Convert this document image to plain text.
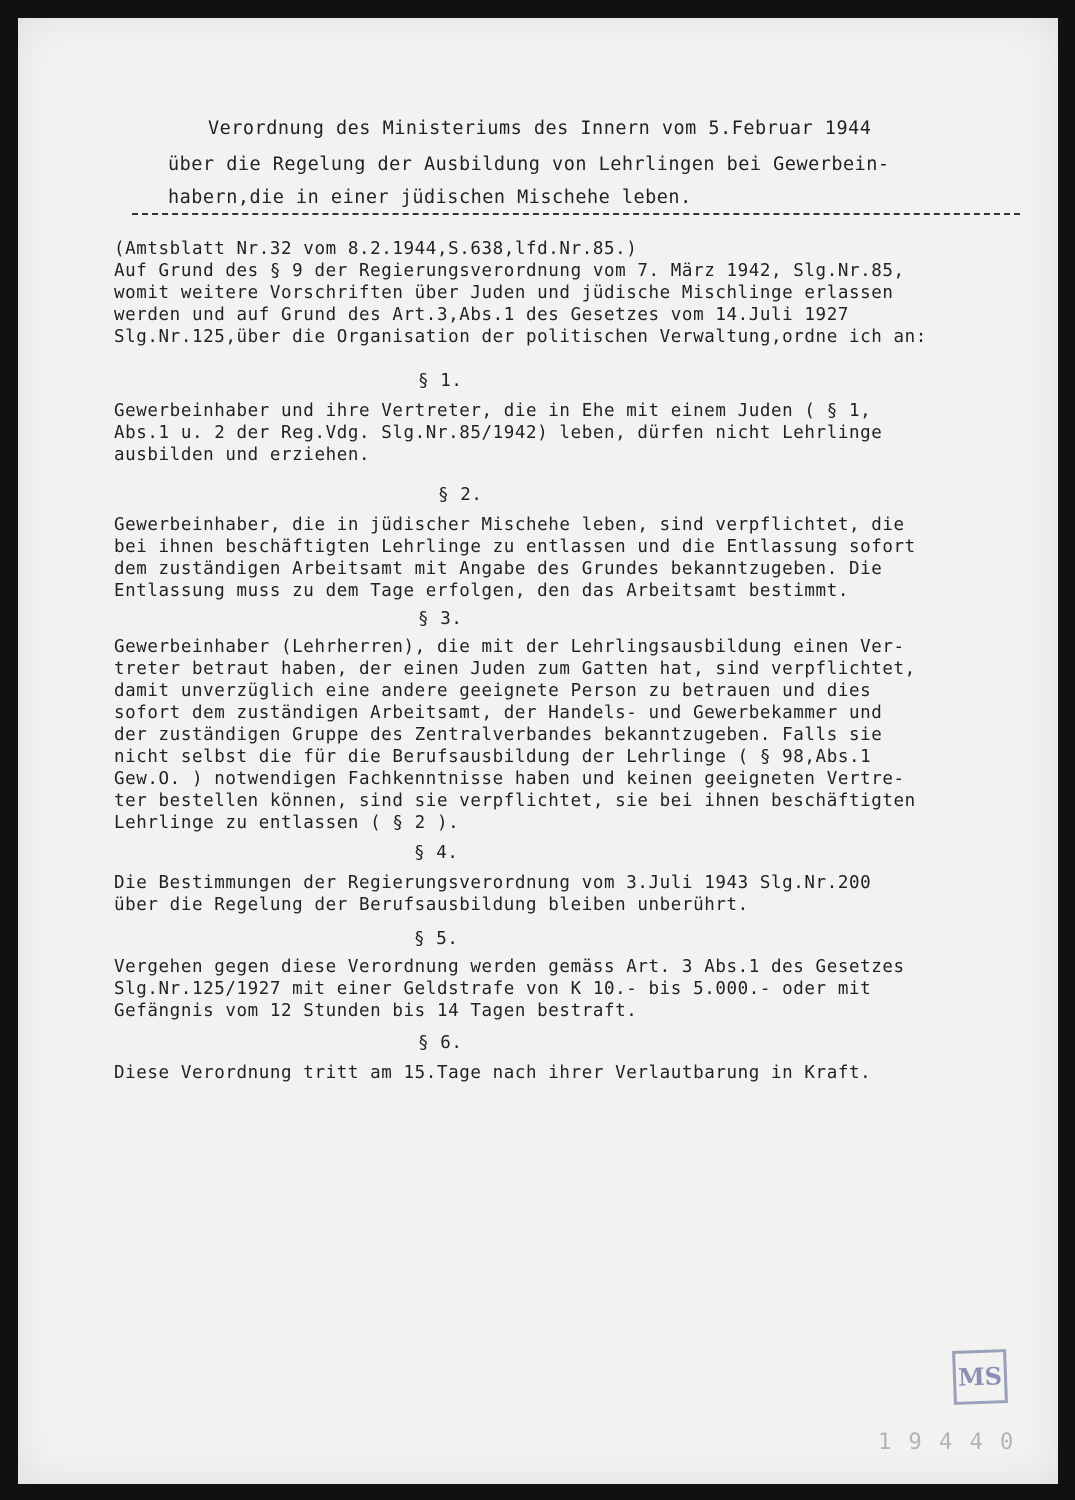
Verordnung des Ministeriums des Innern vom 5.Februar 1944
über die Regelung der Ausbildung von Lehrlingen bei Gewerbein-
habern,die in einer jüdischen Mischehe leben.
(Amtsblatt Nr.32 vom 8.2.1944,S.638,lfd.Nr.85.)
Auf Grund des § 9 der Regierungsverordnung vom 7. März 1942, Slg.Nr.85,
womit weitere Vorschriften über Juden und jüdische Mischlinge erlassen
werden und auf Grund des Art.3,Abs.1 des Gesetzes vom 14.Juli 1927
Slg.Nr.125,über die Organisation der politischen Verwaltung,ordne ich an:
§ 1.
Gewerbeinhaber und ihre Vertreter, die in Ehe mit einem Juden ( § 1,
Abs.1 u. 2 der Reg.Vdg. Slg.Nr.85/1942) leben, dürfen nicht Lehrlinge
ausbilden und erziehen.
§ 2.
Gewerbeinhaber, die in jüdischer Mischehe leben, sind verpflichtet, die
bei ihnen beschäftigten Lehrlinge zu entlassen und die Entlassung sofort
dem zuständigen Arbeitsamt mit Angabe des Grundes bekanntzugeben. Die
Entlassung muss zu dem Tage erfolgen, den das Arbeitsamt bestimmt.
§ 3.
Gewerbeinhaber (Lehrherren), die mit der Lehrlingsausbildung einen Ver-
treter betraut haben, der einen Juden zum Gatten hat, sind verpflichtet,
damit unverzüglich eine andere geeignete Person zu betrauen und dies
sofort dem zuständigen Arbeitsamt, der Handels- und Gewerbekammer und
der zuständigen Gruppe des Zentralverbandes bekanntzugeben. Falls sie
nicht selbst die für die Berufsausbildung der Lehrlinge ( § 98,Abs.1
Gew.O. ) notwendigen Fachkenntnisse haben und keinen geeigneten Vertre-
ter bestellen können, sind sie verpflichtet, sie bei ihnen beschäftigten
Lehrlinge zu entlassen ( § 2 ).
§ 4.
Die Bestimmungen der Regierungsverordnung vom 3.Juli 1943 Slg.Nr.200
über die Regelung der Berufsausbildung bleiben unberührt.
§ 5.
Vergehen gegen diese Verordnung werden gemäss Art. 3 Abs.1 des Gesetzes
Slg.Nr.125/1927 mit einer Geldstrafe von K 10.- bis 5.000.- oder mit
Gefängnis vom 12 Stunden bis 14 Tagen bestraft.
§ 6.
Diese Verordnung tritt am 15.Tage nach ihrer Verlautbarung in Kraft.
MS
1 9 4 4 0
